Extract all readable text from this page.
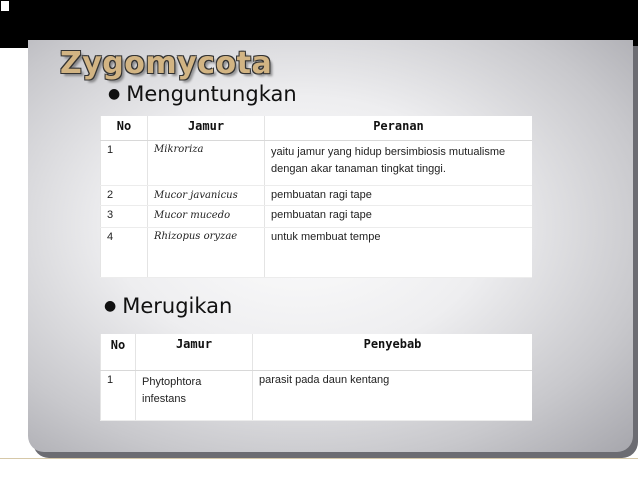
Zygomycota
● Menguntungkan
No	Jamur	Peranan
1	Mikroriza	yaitu jamur yang hidup bersimbiosis mutualisme dengan akar tanaman tingkat tinggi.
2	Mucor javanicus	pembuatan ragi tape
3	Mucor mucedo	pembuatan ragi tape
4	Rhizopus oryzae	untuk membuat tempe
● Merugikan
No	Jamur	Penyebab
1	Phytophtora infestans	parasit pada daun kentang
